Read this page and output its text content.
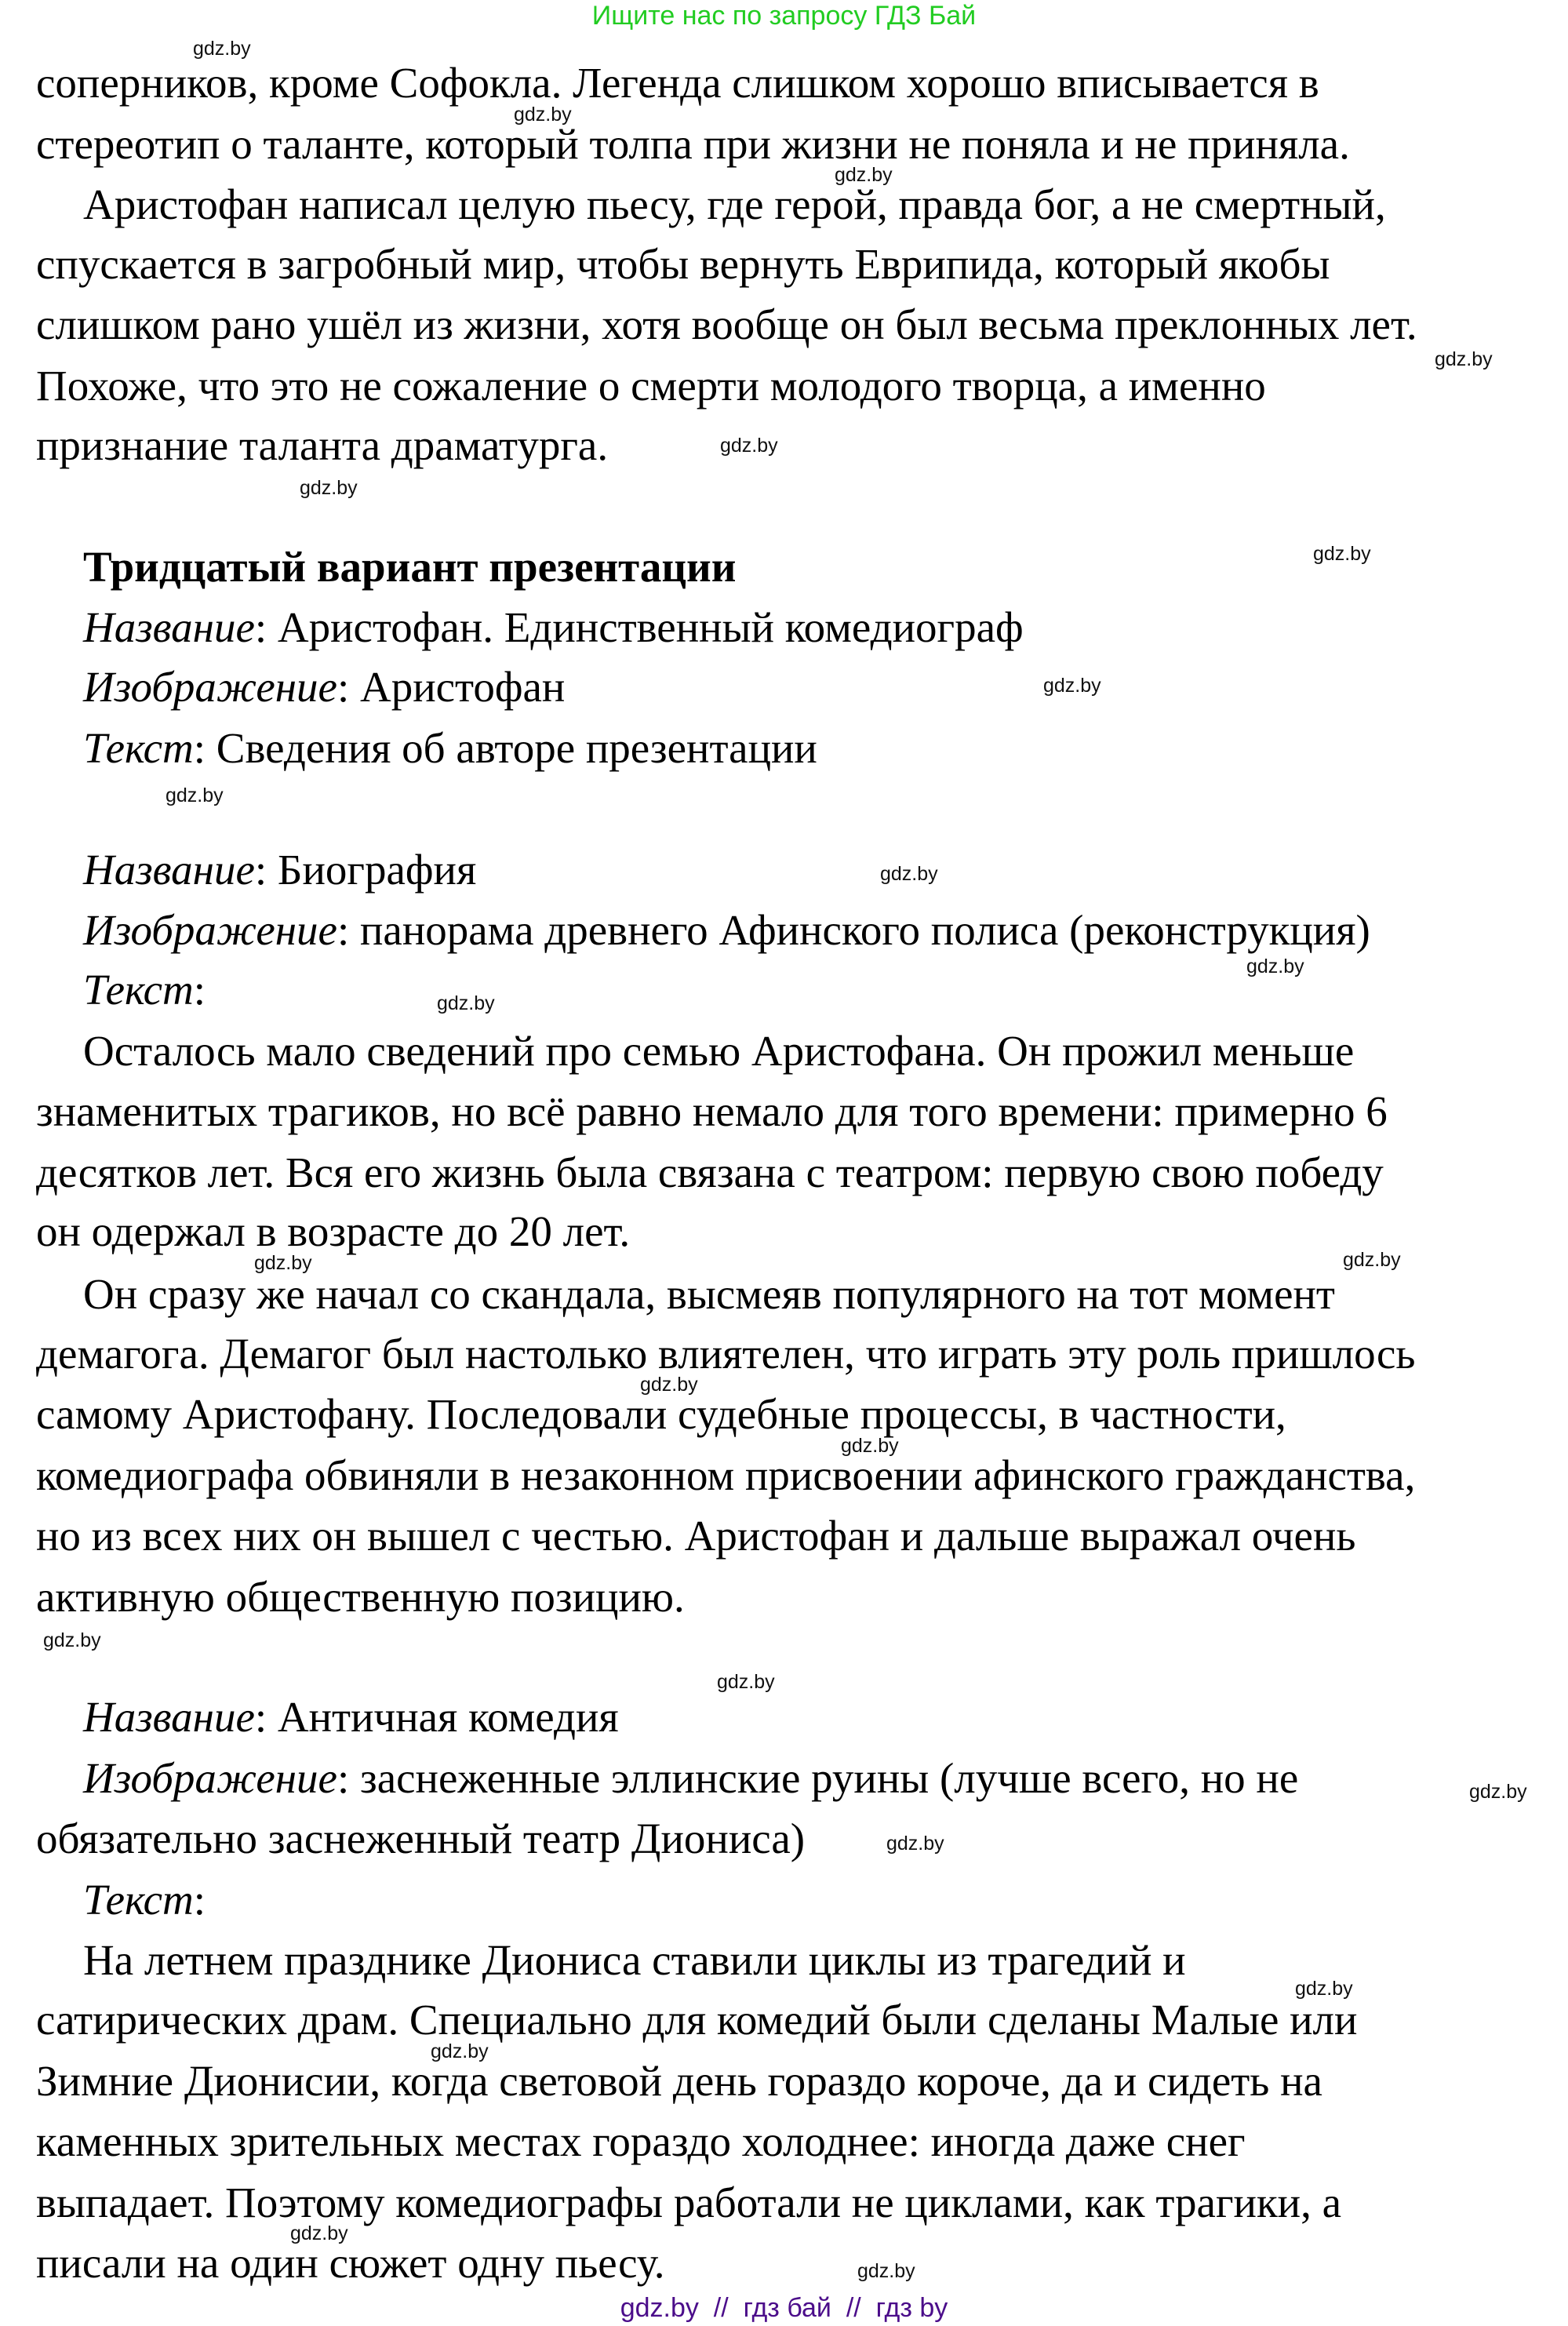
Ищите нас по запросу ГДЗ Бай
соперников, кроме Софокла. Легенда слишком хорошо вписывается в
стереотип о таланте, который толпа при жизни не поняла и не приняла.
Аристофан написал целую пьесу, где герой, правда бог, а не смертный,
спускается в загробный мир, чтобы вернуть Еврипида, который якобы
слишком рано ушёл из жизни, хотя вообще он был весьма преклонных лет.
Похоже, что это не сожаление о смерти молодого творца, а именно
признание таланта драматурга.
Тридцатый вариант презентации
Название: Аристофан. Единственный комедиограф
Изображение: Аристофан
Текст: Сведения об авторе презентации
Название: Биография
Изображение: панорама древнего Афинского полиса (реконструкция)
Текст:
Осталось мало сведений про семью Аристофана. Он прожил меньше
знаменитых трагиков, но всё равно немало для того времени: примерно 6
десятков лет. Вся его жизнь была связана с театром: первую свою победу
он одержал в возрасте до 20 лет.
Он сразу же начал со скандала, высмеяв популярного на тот момент
демагога. Демагог был настолько влиятелен, что играть эту роль пришлось
самому Аристофану. Последовали судебные процессы, в частности,
комедиографа обвиняли в незаконном присвоении афинского гражданства,
но из всех них он вышел с честью. Аристофан и дальше выражал очень
активную общественную позицию.
Название: Античная комедия
Изображение: заснеженные эллинские руины (лучше всего, но не
обязательно заснеженный театр Диониса)
Текст:
На летнем празднике Диониса ставили циклы из трагедий и
сатирических драм. Специально для комедий были сделаны Малые или
Зимние Дионисии, когда световой день гораздо короче, да и сидеть на
каменных зрительных местах гораздо холоднее: иногда даже снег
выпадает. Поэтому комедиографы работали не циклами, как трагики, а
писали на один сюжет одну пьесу.
gdz.by
gdz.by
gdz.by
gdz.by
gdz.by
gdz.by
gdz.by
gdz.by
gdz.by
gdz.by
gdz.by
gdz.by
gdz.by	gdz.by
gdz.by
gdz.by
gdz.by
gdz.by
gdz.by
gdz.by
gdz.by
gdz.by
gdz.by
gdz.by
gdz.by  //  гдз бай  //  гдз by
